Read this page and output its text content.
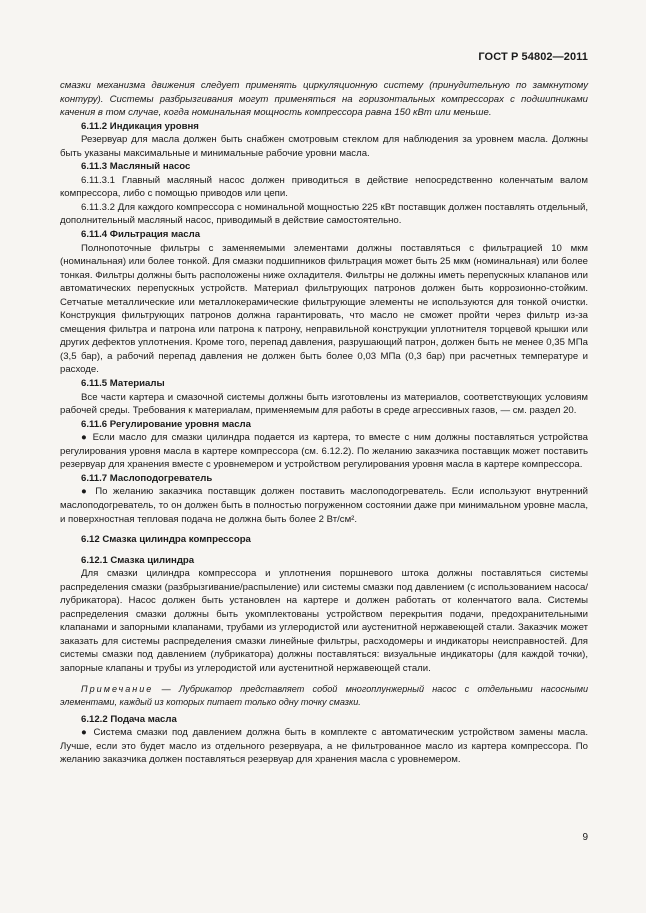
ГОСТ Р 54802—2011

смазки механизма движения следует применять циркуляционную систему (принудительную по замкнутому контуру). Системы разбрызгивания могут применяться на горизонтальных компрессорах с подшипниками качения в том случае, когда номинальная мощность компрессора равна 150 кВт или меньше.

6.11.2 Индикация уровня

Резервуар для масла должен быть снабжен смотровым стеклом для наблюдения за уровнем масла. Должны быть указаны максимальные и минимальные рабочие уровни масла.

6.11.3 Масляный насос

6.11.3.1 Главный масляный насос должен приводиться в действие непосредственно коленчатым валом компрессора, либо с помощью приводов или цепи.

6.11.3.2 Для каждого компрессора с номинальной мощностью 225 кВт поставщик должен поставлять отдельный, дополнительный масляный насос, приводимый в действие самостоятельно.

6.11.4 Фильтрация масла

Полнопоточные фильтры с заменяемыми элементами должны поставляться с фильтрацией 10 мкм (номинальная) или более тонкой. Для смазки подшипников фильтрация может быть 25 мкм (номинальная) или более тонкая. Фильтры должны быть расположены ниже охладителя. Фильтры не должны иметь перепускных клапанов или автоматических перепускных устройств. Материал фильтрующих патронов должен быть коррозионно-стойким. Сетчатые металлические или металлокерамические фильтрующие элементы не используются для тонкой очистки. Конструкция фильтрующих патронов должна гарантировать, что масло не сможет пройти через фильтр из-за смещения фильтра и патрона или патрона к патрону, неправильной конструкции уплотнителя торцевой крышки или других дефектов уплотнения. Кроме того, перепад давления, разрушающий патрон, должен быть не менее 0,35 МПа (3,5 бар), а рабочий перепад давления не должен быть более 0,03 МПа (0,3 бар) при расчетных температуре и расходе.

6.11.5 Материалы

Все части картера и смазочной системы должны быть изготовлены из материалов, соответствующих условиям рабочей среды. Требования к материалам, применяемым для работы в среде агрессивных газов, — см. раздел 20.

6.11.6 Регулирование уровня масла

● Если масло для смазки цилиндра подается из картера, то вместе с ним должны поставляться устройства регулирования уровня масла в картере компрессора (см. 6.12.2). По желанию заказчика поставщик может поставить резервуар для хранения вместе с уровнемером и устройством регулирования уровня масла в картере компрессора.

6.11.7 Маслоподогреватель

● По желанию заказчика поставщик должен поставить маслоподогреватель. Если используют внутренний маслоподогреватель, то он должен быть в полностью погруженном состоянии даже при минимальном уровне масла, и поверхностная тепловая подача не должна быть более 2 Вт/см².

6.12 Смазка цилиндра компрессора

6.12.1 Смазка цилиндра

Для смазки цилиндра компрессора и уплотнения поршневого штока должны поставляться системы распределения смазки (разбрызгивание/распыление) или системы смазки под давлением (с использованием насоса/лубрикатора). Насос должен быть установлен на картере и должен работать от коленчатого вала. Системы распределения смазки должны быть укомплектованы устройством перекрытия подачи, предохранительными клапанами и запорными клапанами, трубами из углеродистой или аустенитной нержавеющей стали. Заказчик может заказать для системы распределения смазки линейные фильтры, расходомеры и индикаторы неисправностей. Для системы смазки под давлением (лубрикатора) должны поставляться: визуальные индикаторы (для каждой точки), запорные клапаны и трубы из углеродистой или аустенитной нержавеющей стали.

Примечание — Лубрикатор представляет собой многоплунжерный насос с отдельными насосными элементами, каждый из которых питает только одну точку смазки.

6.12.2 Подача масла

● Система смазки под давлением должна быть в комплекте с автоматическим устройством замены масла. Лучше, если это будет масло из отдельного резервуара, а не фильтрованное масло из картера компрессора. По желанию заказчика должен поставляться резервуар для хранения масла с уровнемером.

9
